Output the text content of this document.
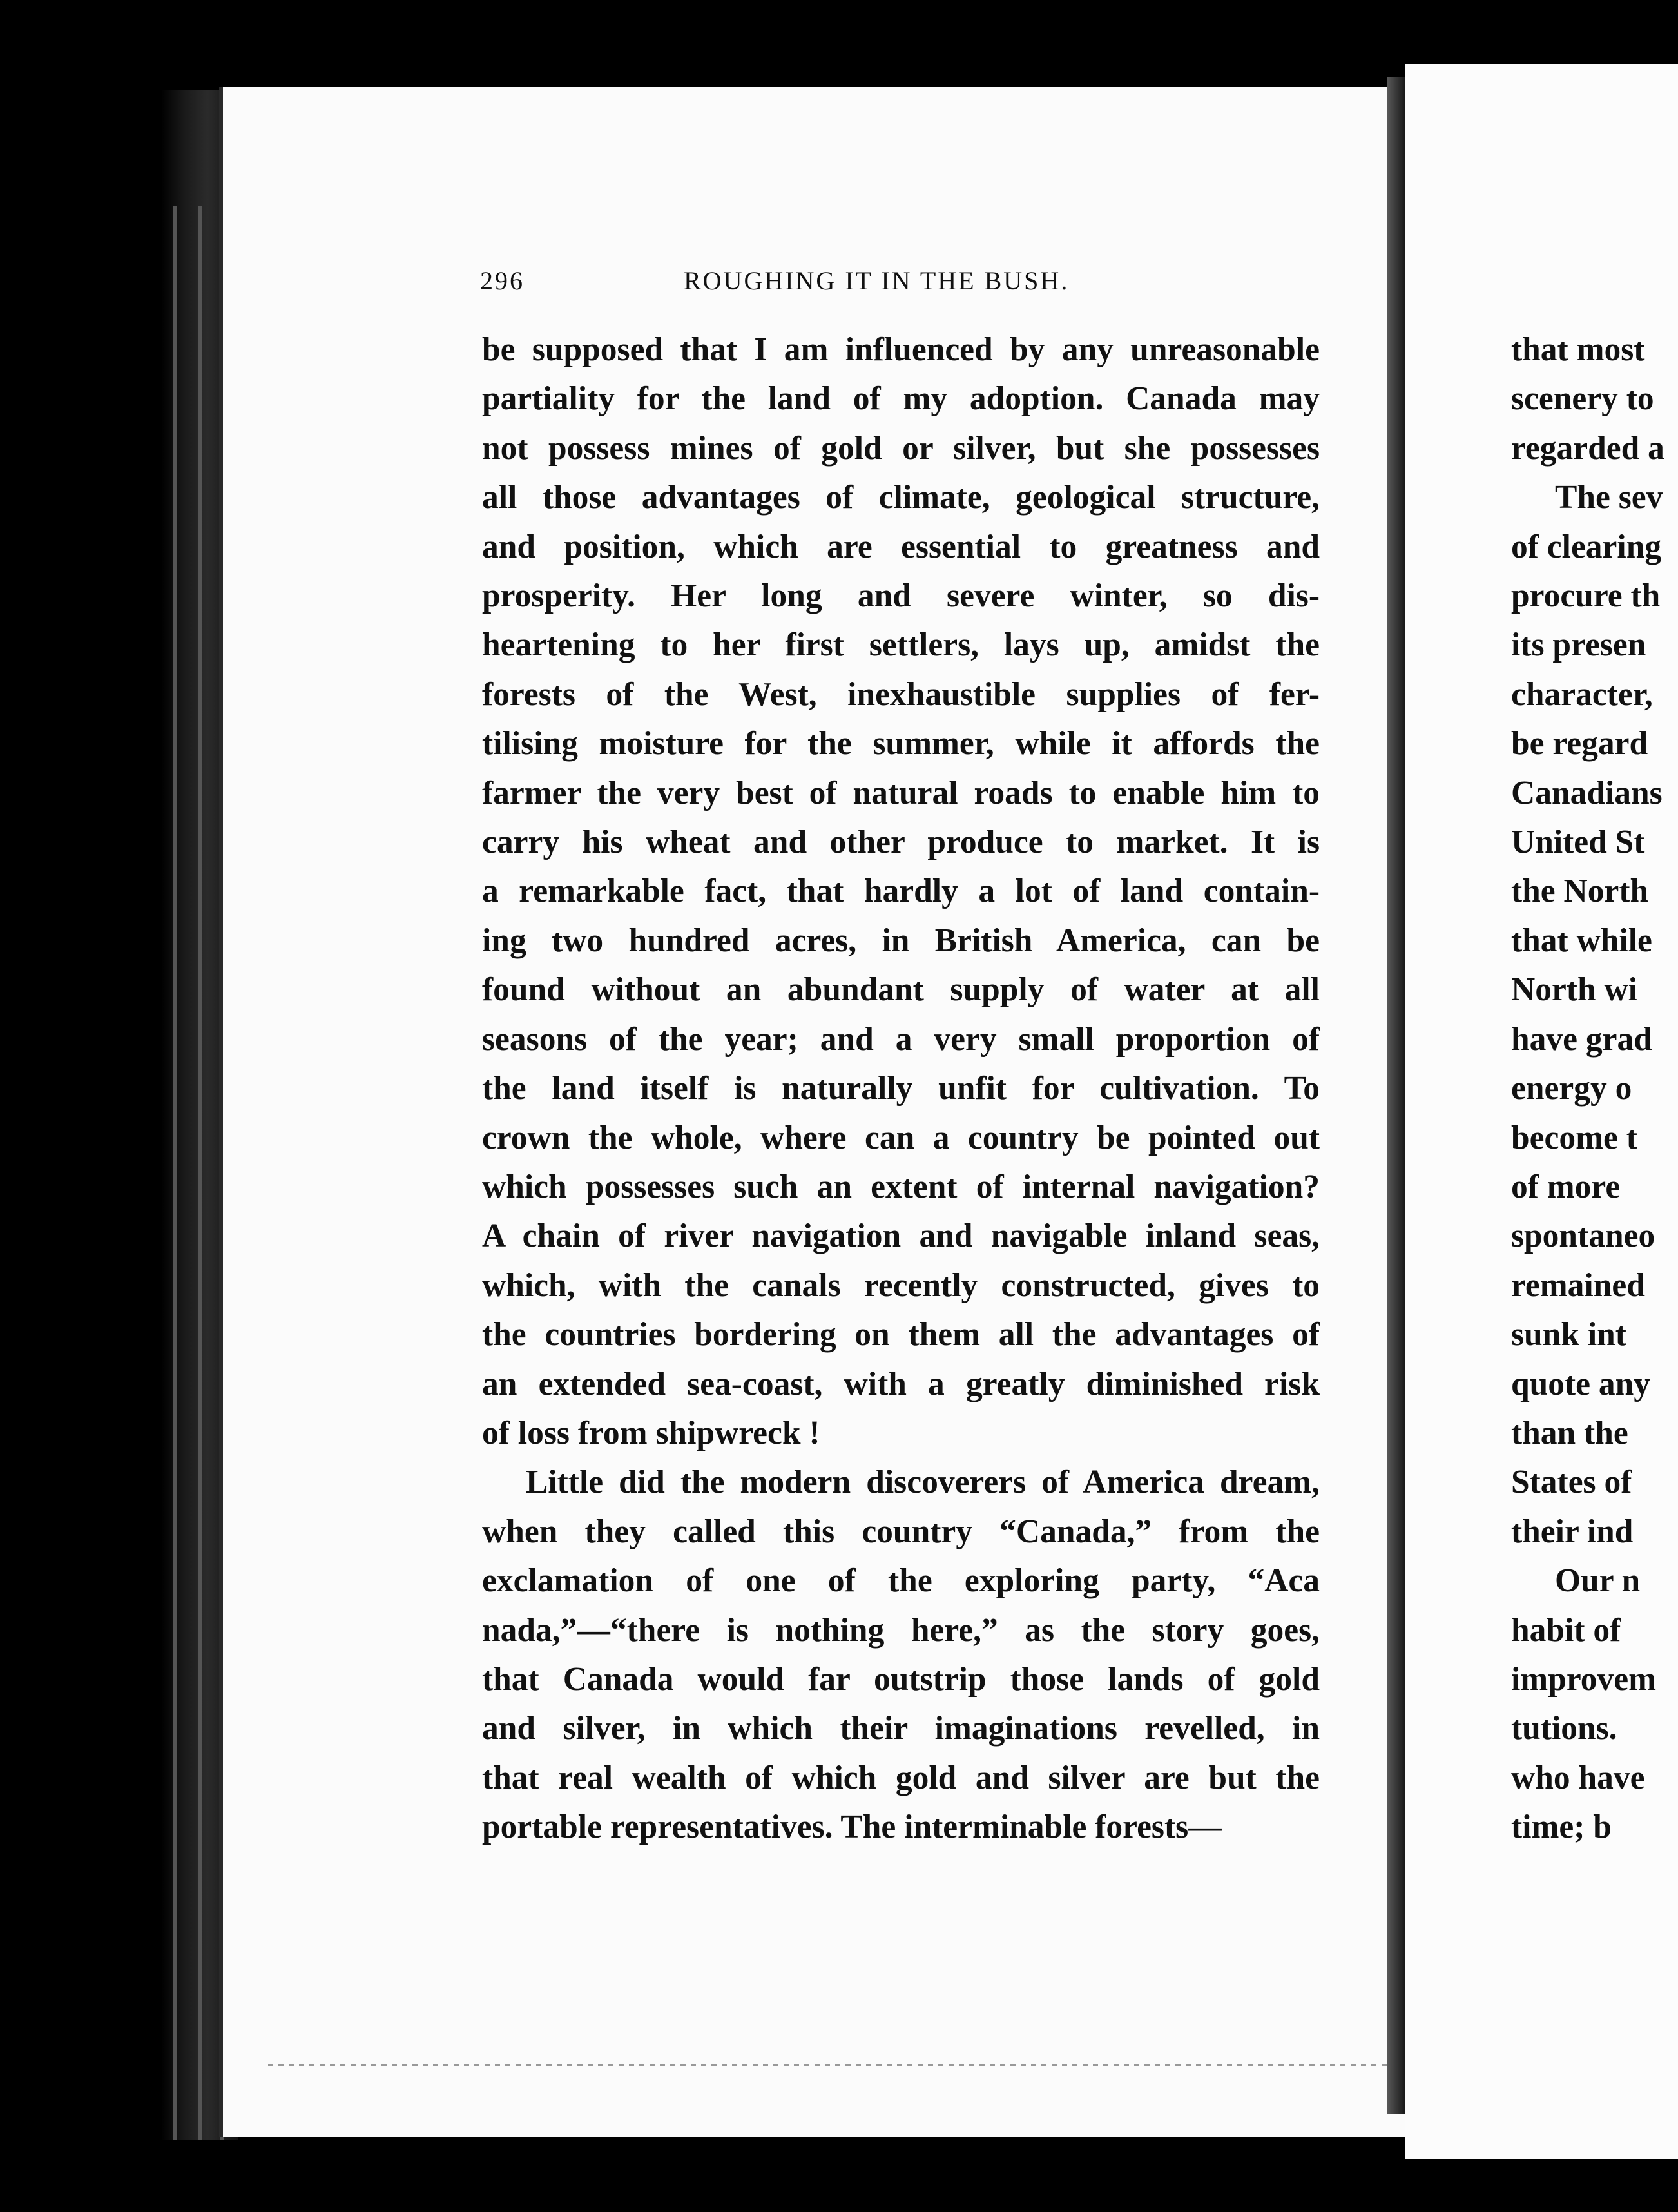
296	ROUGHING IT IN THE BUSH.
be supposed that I am influenced by any unreasonable
partiality for the land of my adoption. Canada may
not possess mines of gold or silver, but she possesses
all those advantages of climate, geological structure,
and position, which are essential to greatness and
prosperity. Her long and severe winter, so dis-
heartening to her first settlers, lays up, amidst the
forests of the West, inexhaustible supplies of fer-
tilising moisture for the summer, while it affords the
farmer the very best of natural roads to enable him to
carry his wheat and other produce to market. It is
a remarkable fact, that hardly a lot of land contain-
ing two hundred acres, in British America, can be
found without an abundant supply of water at all
seasons of the year; and a very small proportion of
the land itself is naturally unfit for cultivation. To
crown the whole, where can a country be pointed out
which possesses such an extent of internal navigation?
A chain of river navigation and navigable inland seas,
which, with the canals recently constructed, gives to
the countries bordering on them all the advantages of
an extended sea-coast, with a greatly diminished risk
of loss from shipwreck !
Little did the modern discoverers of America dream,
when they called this country “Canada,” from the
exclamation of one of the exploring party, “Aca
nada,”—“there is nothing here,” as the story goes,
that Canada would far outstrip those lands of gold
and silver, in which their imaginations revelled, in
that real wealth of which gold and silver are but the
portable representatives. The interminable forests—
that most
scenery to
regarded a
The sev
of clearing
procure th
its presen
character,
be regard
Canadians
United St
the North
that while
North wi
have grad
energy o
become t
of more
spontaneo
remained
sunk int
quote any
than the
States of
their ind
Our n
habit of
improvem
tutions.
who have
time; b
